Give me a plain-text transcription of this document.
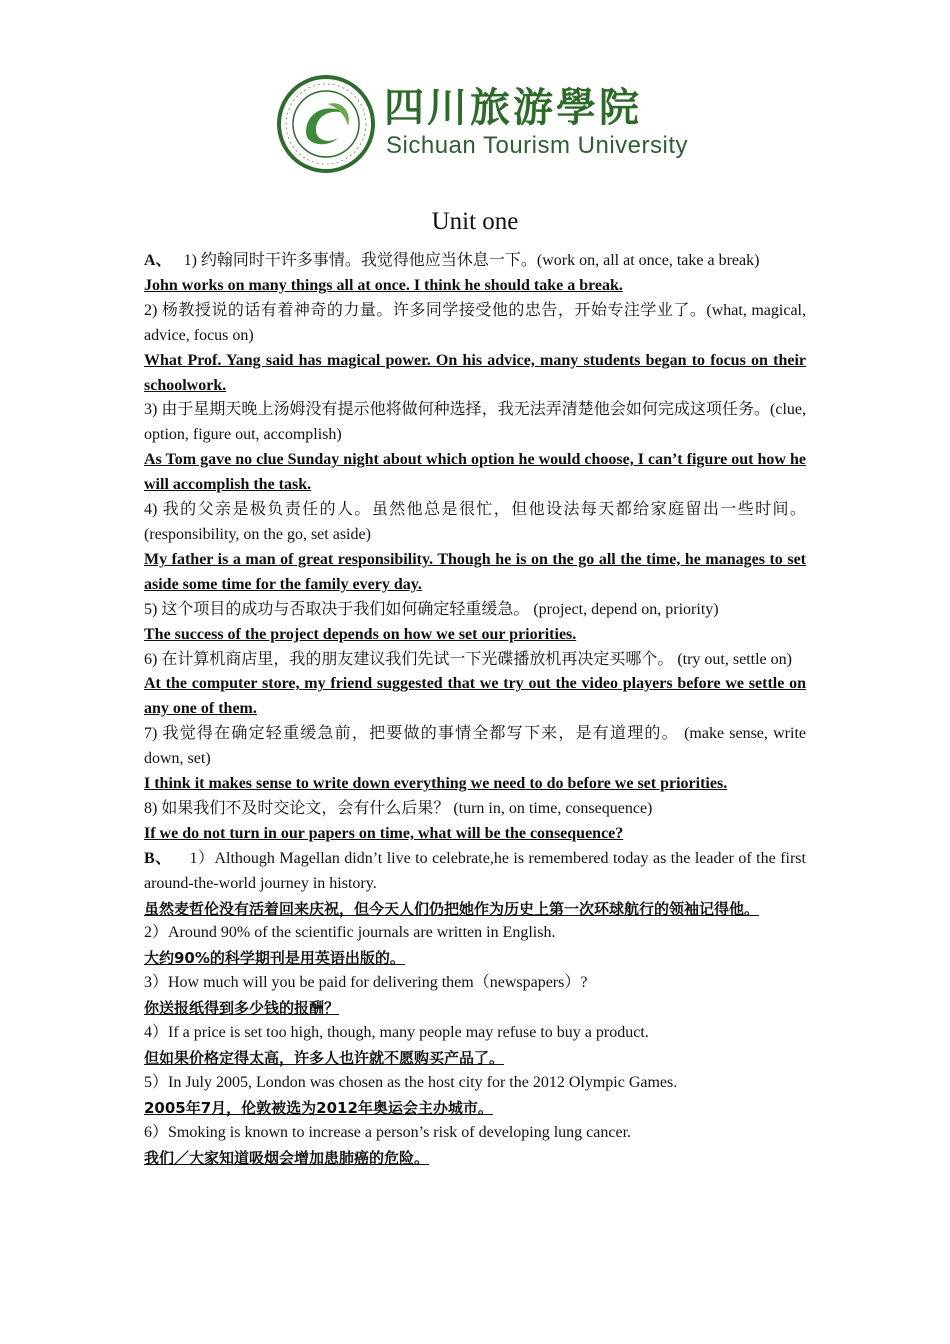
四川旅游學院
Sichuan Tourism University
Unit one

A、 1) 约翰同时干许多事情。我觉得他应当休息一下。(work on, all at once, take a break)

John works on many things all at once. I think he should take a break.

2) 杨教授说的话有着神奇的力量。许多同学接受他的忠告，开始专注学业了。(what, magical, advice, focus on)

What Prof. Yang said has magical power. On his advice, many students began to focus on their schoolwork.

3) 由于星期天晚上汤姆没有提示他将做何种选择，我无法弄清楚他会如何完成这项任务。(clue, option, figure out, accomplish)

As Tom gave no clue Sunday night about which option he would choose, I can’t figure out how he will accomplish the task.

4) 我的父亲是极负责任的人。虽然他总是很忙，但他设法每天都给家庭留出一些时间。(responsibility, on the go, set aside)

My father is a man of great responsibility. Though he is on the go all the time, he manages to set aside some time for the family every day.

5) 这个项目的成功与否取决于我们如何确定轻重缓急。 (project, depend on, priority)

The success of the project depends on how we set our priorities.

6) 在计算机商店里，我的朋友建议我们先试一下光碟播放机再决定买哪个。 (try out, settle on)

At the computer store, my friend suggested that we try out the video players before we settle on any one of them.

7) 我觉得在确定轻重缓急前，把要做的事情全都写下来，是有道理的。 (make sense, write down, set)

I think it makes sense to write down everything we need to do before we set priorities.

8) 如果我们不及时交论文，会有什么后果？ (turn in, on time, consequence)

If we do not turn in our papers on time, what will be the consequence?

B、 1）Although Magellan didn’t live to celebrate,he is remembered today as the leader of the first around-the-world journey in history.

虽然麦哲伦没有活着回来庆祝，但今天人们仍把她作为历史上第一次环球航行的领袖记得他。

2）Around 90% of the scientific journals are written in English.

大约90%的科学期刊是用英语出版的。

3）How much will you be paid for delivering them（newspapers）?

你送报纸得到多少钱的报酬？

4）If a price is set too high, though, many people may refuse to buy a product.

但如果价格定得太高，许多人也许就不愿购买产品了。

5）In July 2005, London was chosen as the host city for the 2012 Olympic Games.

2005年7月，伦敦被选为2012年奥运会主办城市。

6）Smoking is known to increase a person’s risk of developing lung cancer.

我们／大家知道吸烟会增加患肺癌的危险。
